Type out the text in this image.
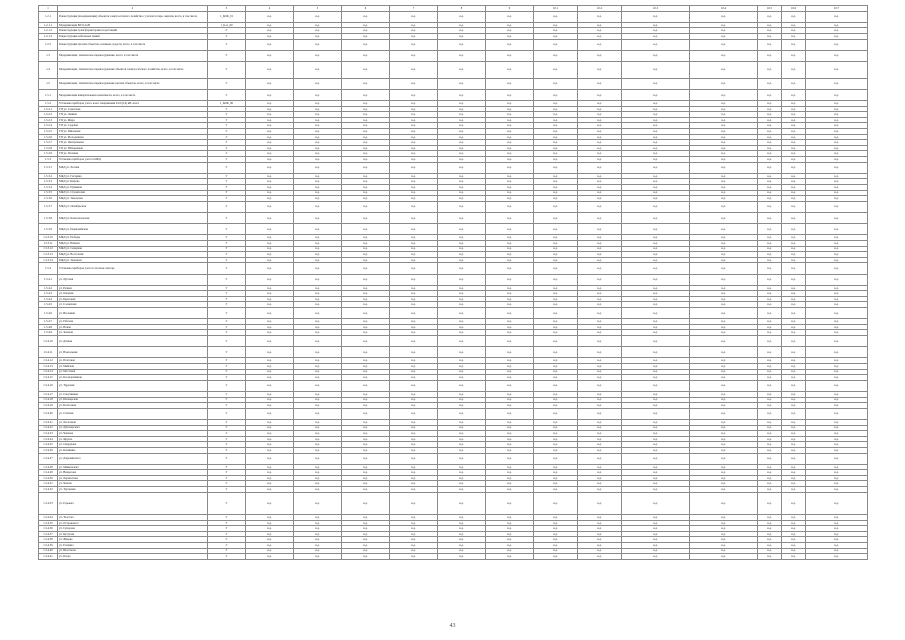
1	2	3	4	5	6	7	8	9	10.1	10.2	10.3	10.4	10.5	10.6	10.7
1.2.1	Реконструкция (модернизация) объектов электросетевого хозяйства с учетом потерь энергии, всего, в том числе	1_КОК_01	н.д.	н.д.	н.д.	н.д.	н.д.	н.д.	н.д.	н.д.	н.д.	н.д.	н.д.	н.д.	н.д.
1.2.1.1	Модернизация ВЛ 0,4 кВ	1_К.н._00	н.д.	н.д.	н.д.	н.д.	н.д.	н.д.	н.д.	н.д.	н.д.	н.д.	н.д.	н.д.	н.д.
1.2.1.2	Реконструкция трансформаторных подстанций	Г	н.д.	н.д.	н.д.	н.д.	н.д.	н.д.	н.д.	н.д.	н.д.	н.д.	н.д.	н.д.	н.д.
1.2.1.3	Реконструкция кабельных линий	Г	н.д.	н.д.	н.д.	н.д.	н.д.	н.д.	н.д.	н.д.	н.д.	н.д.	н.д.	н.д.	н.д.
1.2.2	Реконструкция прочих объектов основных средств, всего, в том числе	Г	н.д.	н.д.	н.д.	н.д.	н.д.	н.д.	н.д.	н.д.	н.д.	н.д.	н.д.	н.д.	н.д.
1.3	Модернизация, техническое перевооружение, всего, в том числе	Г	н.д.	н.д.	н.д.	н.д.	н.д.	н.д.	н.д.	н.д.	н.д.	н.д.	н.д.	н.д.	н.д.
1.4	Модернизация, техническое перевооружение объектов электросетевого хозяйства, всего, в том числе	Г	н.д.	н.д.	н.д.	н.д.	н.д.	н.д.	н.д.	н.д.	н.д.	н.д.	н.д.	н.д.	н.д.
1.5	Модернизация, техническое перевооружение прочих объектов, всего, в том числе	Г	н.д.	н.д.	н.д.	н.д.	н.д.	н.д.	н.д.	н.д.	н.д.	н.д.	н.д.	н.д.	н.д.
1.5.1	Модернизация измерительных комплексов, всего, в том числе	Г	н.д.	н.д.	н.д.	н.д.	н.д.	н.д.	н.д.	н.д.	н.д.	н.д.	н.д.	н.д.	н.д.
1.5.2	Установка приборов учета, класс напряжения 0,22 (0,4) кВ, всего	1_КОК_00	н.д.	н.д.	н.д.	н.д.	н.д.	н.д.	н.д.	н.д.	н.д.	н.д.	н.д.	н.д.	н.д.
1.5.2.1	ТП ул. Советская	Г	н.д.	н.д.	н.д.	н.д.	н.д.	н.д.	н.д.	н.д.	н.д.	н.д.	н.д.	н.д.	н.д.
1.5.2.2	ТП ул. Ленина	Г	н.д.	н.д.	н.д.	н.д.	н.д.	н.д.	н.д.	н.д.	н.д.	н.д.	н.д.	н.д.	н.д.
1.5.2.3	ТП ул. Мира	Г	н.д.	н.д.	н.д.	н.д.	н.д.	н.д.	н.д.	н.д.	н.д.	н.д.	н.д.	н.д.	н.д.
1.5.2.4	ТП ул. Садовая	Г	н.д.	н.д.	н.д.	н.д.	н.д.	н.д.	н.д.	н.д.	н.д.	н.д.	н.д.	н.д.	н.д.
1.5.2.5	ТП ул. Школьная	Г	н.д.	н.д.	н.д.	н.д.	н.д.	н.д.	н.д.	н.д.	н.д.	н.д.	н.д.	н.д.	н.д.
1.5.2.6	ТП ул. Молодежная	Г	н.д.	н.д.	н.д.	н.д.	н.д.	н.д.	н.д.	н.д.	н.д.	н.д.	н.д.	н.д.	н.д.
1.5.2.7	ТП ул. Центральная	Г	н.д.	н.д.	н.д.	н.д.	н.д.	н.д.	н.д.	н.д.	н.д.	н.д.	н.д.	н.д.	н.д.
1.5.2.8	ТП ул. Набережная	Г	н.д.	н.д.	н.д.	н.д.	н.д.	н.д.	н.д.	н.д.	н.д.	н.д.	н.д.	н.д.	н.д.
1.5.2.9	ТП ул. Полевая	Г	н.д.	н.д.	н.д.	н.д.	н.д.	н.д.	н.д.	н.д.	н.д.	н.д.	н.д.	н.д.	н.д.
1.5.3	Установка приборов учета в МКД	Г	н.д.	н.д.	н.д.	н.д.	н.д.	н.д.	н.д.	н.д.	н.д.	н.д.	н.д.	н.д.	н.д.
1.5.3.1	МКД ул. Лесная	Г	н.д.	н.д.	н.д.	н.д.	н.д.	н.д.	н.д.	н.д.	н.д.	н.д.	н.д.	н.д.	н.д.
1.5.3.2	МКД ул. Гагарина	Г	н.д.	н.д.	н.д.	н.д.	н.д.	н.д.	н.д.	н.д.	н.д.	н.д.	н.д.	н.д.	н.д.
1.5.3.3	МКД ул. Кирова	Г	н.д.	н.д.	н.д.	н.д.	н.д.	н.д.	н.д.	н.д.	н.д.	н.д.	н.д.	н.д.	н.д.
1.5.3.4	МКД ул. Пушкина	Г	н.д.	н.д.	н.д.	н.д.	н.д.	н.д.	н.д.	н.д.	н.д.	н.д.	н.д.	н.д.	н.д.
1.5.3.5	МКД ул. Строителей	Г	н.д.	н.д.	н.д.	н.д.	н.д.	н.д.	н.д.	н.д.	н.д.	н.д.	н.д.	н.д.	н.д.
1.5.3.6	МКД ул. Заводская	Г	н.д.	н.д.	н.д.	н.д.	н.д.	н.д.	н.д.	н.д.	н.д.	н.д.	н.д.	н.д.	н.д.
1.5.3.7	МКД ул. Октябрьская	Г	н.д.	н.д.	н.д.	н.д.	н.д.	н.д.	н.д.	н.д.	н.д.	н.д.	н.д.	н.д.	н.д.
1.5.3.8	МКД ул. Комсомольская	Г	н.д.	н.д.	н.д.	н.д.	н.д.	н.д.	н.д.	н.д.	н.д.	н.д.	н.д.	н.д.	н.д.
1.5.3.9	МКД ул. Первомайская	Г	н.д.	н.д.	н.д.	н.д.	н.д.	н.д.	н.д.	н.д.	н.д.	н.д.	н.д.	н.д.	н.д.
1.5.3.10	МКД ул. Победы	Г	н.д.	н.д.	н.д.	н.д.	н.д.	н.д.	н.д.	н.д.	н.д.	н.д.	н.д.	н.д.	н.д.
1.5.3.11	МКД ул. Южная	Г	н.д.	н.д.	н.д.	н.д.	н.д.	н.д.	н.д.	н.д.	н.д.	н.д.	н.д.	н.д.	н.д.
1.5.3.12	МКД ул. Северная	Г	н.д.	н.д.	н.д.	н.д.	н.д.	н.д.	н.д.	н.д.	н.д.	н.д.	н.д.	н.д.	н.д.
1.5.3.13	МКД ул. Восточная	Г	н.д.	н.д.	н.д.	н.д.	н.д.	н.д.	н.д.	н.д.	н.д.	н.д.	н.д.	н.д.	н.д.
1.5.3.14	МКД ул. Западная	Г	н.д.	н.д.	н.д.	н.д.	н.д.	н.д.	н.д.	н.д.	н.д.	н.д.	н.д.	н.д.	н.д.
1.5.4	Установка приборов учета в частном секторе	Г	н.д.	н.д.	н.д.	н.д.	н.д.	н.д.	н.д.	н.д.	н.д.	н.д.	н.д.	н.д.	н.д.
1.5.4.1	ул. Луговая	Г	н.д.	н.д.	н.д.	н.д.	н.д.	н.д.	н.д.	н.д.	н.д.	н.д.	н.д.	н.д.	н.д.
1.5.4.2	ул. Речная	Г	н.д.	н.д.	н.д.	н.д.	н.д.	н.д.	н.д.	н.д.	н.д.	н.д.	н.д.	н.д.	н.д.
1.5.4.3	ул. Озерная	Г	н.д.	н.д.	н.д.	н.д.	н.д.	н.д.	н.д.	н.д.	н.д.	н.д.	н.д.	н.д.	н.д.
1.5.4.4	ул. Береговая	Г	н.д.	н.д.	н.д.	н.д.	н.д.	н.д.	н.д.	н.д.	н.д.	н.д.	н.д.	н.д.	н.д.
1.5.4.5	ул. Солнечная	Г	н.д.	н.д.	н.д.	н.д.	н.д.	н.д.	н.д.	н.д.	н.д.	н.д.	н.д.	н.д.	н.д.
1.5.4.6	ул. Весенняя	Г	н.д.	н.д.	н.д.	н.д.	н.д.	н.д.	н.д.	н.д.	н.д.	н.д.	н.д.	н.д.	н.д.
1.5.4.7	ул. Рабочая	Г	н.д.	н.д.	н.д.	н.д.	н.д.	н.д.	н.д.	н.д.	н.д.	н.д.	н.д.	н.д.	н.д.
1.5.4.8	ул. Новая	Г	н.д.	н.д.	н.д.	н.д.	н.д.	н.д.	н.д.	н.д.	н.д.	н.д.	н.д.	н.д.	н.д.
1.5.4.9	ул. Зеленая	Г	н.д.	н.д.	н.д.	н.д.	н.д.	н.д.	н.д.	н.д.	н.д.	н.д.	н.д.	н.д.	н.д.
1.5.4.10	ул. Дачная	Г	н.д.	н.д.	н.д.	н.д.	н.д.	н.д.	н.д.	н.д.	н.д.	н.д.	н.д.	н.д.	н.д.
1.5.4.11	ул. Вокзальная	Г	н.д.	н.д.	н.д.	н.д.	н.д.	н.д.	н.д.	н.д.	н.д.	н.д.	н.д.	н.д.	н.д.
1.5.4.12	ул. Почтовая	Г	н.д.	н.д.	н.д.	н.д.	н.д.	н.д.	н.д.	н.д.	н.д.	н.д.	н.д.	н.д.	н.д.
1.5.4.13	ул. Майская	Г	н.д.	н.д.	н.д.	н.д.	н.д.	н.д.	н.д.	н.д.	н.д.	н.д.	н.д.	н.д.	н.д.
1.5.4.14	ул. Мостовая	Г	н.д.	н.д.	н.д.	н.д.	н.д.	н.д.	н.д.	н.д.	н.д.	н.д.	н.д.	н.д.	н.д.
1.5.4.15	ул. Кооперативная	Г	н.д.	н.д.	н.д.	н.д.	н.д.	н.д.	н.д.	н.д.	н.д.	н.д.	н.д.	н.д.	н.д.
1.5.4.16	ул. Трудовая	Г	н.д.	н.д.	н.д.	н.д.	н.д.	н.д.	н.д.	н.д.	н.д.	н.д.	н.д.	н.д.	н.д.
1.5.4.17	ул. Спортивная	Г	н.д.	н.д.	н.д.	н.д.	н.д.	н.д.	н.д.	н.д.	н.д.	н.д.	н.д.	н.д.	н.д.
1.5.4.18	ул. Пионерская	Г	н.д.	н.д.	н.д.	н.д.	н.д.	н.д.	н.д.	н.д.	н.д.	н.д.	н.д.	н.д.	н.д.
1.5.4.19	ул. Колхозная	Г	н.д.	н.д.	н.д.	н.д.	н.д.	н.д.	н.д.	н.д.	н.д.	н.д.	н.д.	н.д.	н.д.
1.5.4.20	ул. Степная	Г	н.д.	н.д.	н.д.	н.д.	н.д.	н.д.	н.д.	н.д.	н.д.	н.д.	н.д.	н.д.	н.д.
1.5.4.21	ул. Лесхозная	Г	н.д.	н.д.	н.д.	н.д.	н.д.	н.д.	н.д.	н.д.	н.д.	н.д.	н.д.	н.д.	н.д.
1.5.4.22	ул. Луначарского	Г	н.д.	н.д.	н.д.	н.д.	н.д.	н.д.	н.д.	н.д.	н.д.	н.д.	н.д.	н.д.	н.д.
1.5.4.23	ул. Чапаева	Г	н.д.	н.д.	н.д.	н.д.	н.д.	н.д.	н.д.	н.д.	н.д.	н.д.	н.д.	н.д.	н.д.
1.5.4.24	ул. Фрунзе	Г	н.д.	н.д.	н.д.	н.д.	н.д.	н.д.	н.д.	н.д.	н.д.	н.д.	н.д.	н.д.	н.д.
1.5.4.25	ул. Свердлова	Г	н.д.	н.д.	н.д.	н.д.	н.д.	н.д.	н.д.	н.д.	н.д.	н.д.	н.д.	н.д.	н.д.
1.5.4.26	ул. Калинина	Г	н.д.	н.д.	н.д.	н.д.	н.д.	н.д.	н.д.	н.д.	н.д.	н.д.	н.д.	н.д.	н.д.
1.5.4.27	ул. Дзержинского	Г	н.д.	н.д.	н.д.	н.д.	н.д.	н.д.	н.д.	н.д.	н.д.	н.д.	н.д.	н.д.	н.д.
1.5.4.28	ул. Маяковского	Г	н.д.	н.д.	н.д.	н.д.	н.д.	н.д.	н.д.	н.д.	н.д.	н.д.	н.д.	н.д.	н.д.
1.5.4.29	ул. Некрасова	Г	н.д.	н.д.	н.д.	н.д.	н.д.	н.д.	н.д.	н.д.	н.д.	н.д.	н.д.	н.д.	н.д.
1.5.4.30	ул. Лермонтова	Г	н.д.	н.д.	н.д.	н.д.	н.д.	н.д.	н.д.	н.д.	н.д.	н.д.	н.д.	н.д.	н.д.
1.5.4.31	ул. Чехова	Г	н.д.	н.д.	н.д.	н.д.	н.д.	н.д.	н.д.	н.д.	н.д.	н.д.	н.д.	н.д.	н.д.
1.5.4.32	ул. Тургенева	Г	н.д.	н.д.	н.д.	н.д.	н.д.	н.д.	н.д.	н.д.	н.д.	н.д.	н.д.	н.д.	н.д.
1.5.4.33	ул. Горького	Г	н.д.	н.д.	н.д.	н.д.	н.д.	н.д.	н.д.	н.д.	н.д.	н.д.	н.д.	н.д.	н.д.
1.5.4.34	ул. Толстого	Г	н.д.	н.д.	н.д.	н.д.	н.д.	н.д.	н.д.	н.д.	н.д.	н.д.	н.д.	н.д.	н.д.
1.5.4.35	ул. Островского	Г	н.д.	н.д.	н.д.	н.д.	н.д.	н.д.	н.д.	н.д.	н.д.	н.д.	н.д.	н.д.	н.д.
1.5.4.36	ул. Суворова	Г	н.д.	н.д.	н.д.	н.д.	н.д.	н.д.	н.д.	н.д.	н.д.	н.д.	н.д.	н.д.	н.д.
1.5.4.37	ул. Кутузова	Г	н.д.	н.д.	н.д.	н.д.	н.д.	н.д.	н.д.	н.д.	н.д.	н.д.	н.д.	н.д.	н.д.
1.5.4.38	ул. Жукова	Г	н.д.	н.д.	н.д.	н.д.	н.д.	н.д.	н.д.	н.д.	н.д.	н.д.	н.д.	н.д.	н.д.
1.5.4.39	ул. Есенина	Г	н.д.	н.д.	н.д.	н.д.	н.д.	н.д.	н.д.	н.д.	н.д.	н.д.	н.д.	н.д.	н.д.
1.5.4.40	ул. Шолохова	Г	н.д.	н.д.	н.д.	н.д.	н.д.	н.д.	н.д.	н.д.	н.д.	н.д.	н.д.	н.д.	н.д.
1.5.4.41	ул. Блока	Г	н.д.	н.д.	н.д.	н.д.	н.д.	н.д.	н.д.	н.д.	н.д.	н.д.	н.д.	н.д.	н.д.
43
